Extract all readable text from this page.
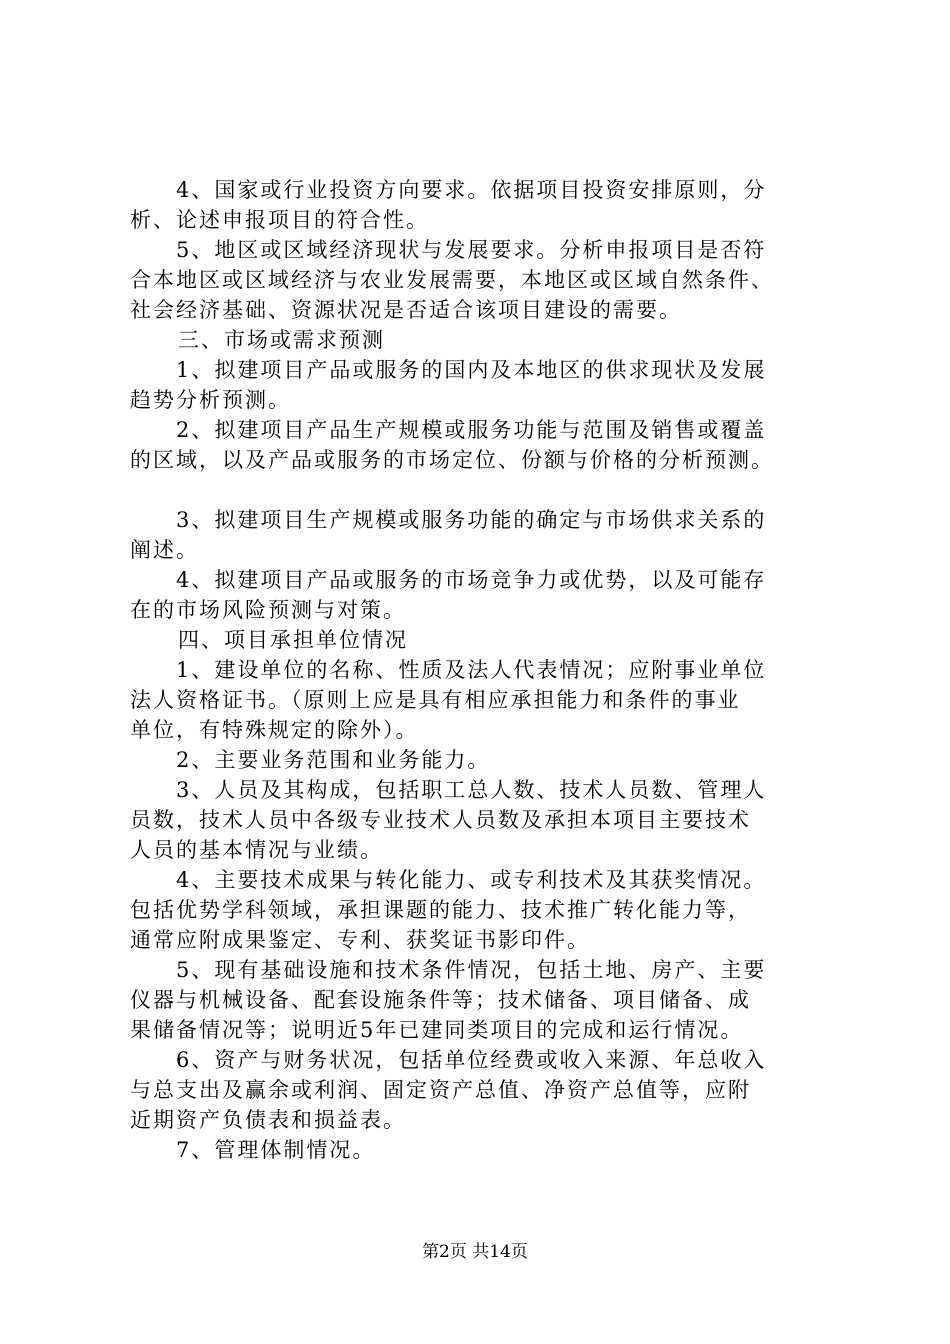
4、国家或行业投资方向要求。依据项目投资安排原则，分
析、论述申报项目的符合性。
5、地区或区域经济现状与发展要求。分析申报项目是否符
合本地区或区域经济与农业发展需要，本地区或区域自然条件、
社会经济基础、资源状况是否适合该项目建设的需要。
三、市场或需求预测
1、拟建项目产品或服务的国内及本地区的供求现状及发展
趋势分析预测。
2、拟建项目产品生产规模或服务功能与范围及销售或覆盖
的区域，以及产品或服务的市场定位、份额与价格的分析预测。
3、拟建项目生产规模或服务功能的确定与市场供求关系的
阐述。
4、拟建项目产品或服务的市场竞争力或优势，以及可能存
在的市场风险预测与对策。
四、项目承担单位情况
1、建设单位的名称、性质及法人代表情况；应附事业单位
法人资格证书。（原则上应是具有相应承担能力和条件的事业
单位，有特殊规定的除外）。
2、主要业务范围和业务能力。
3、人员及其构成，包括职工总人数、技术人员数、管理人
员数，技术人员中各级专业技术人员数及承担本项目主要技术
人员的基本情况与业绩。
4、主要技术成果与转化能力、或专利技术及其获奖情况。
包括优势学科领域，承担课题的能力、技术推广转化能力等，
通常应附成果鉴定、专利、获奖证书影印件。
5、现有基础设施和技术条件情况，包括土地、房产、主要
仪器与机械设备、配套设施条件等；技术储备、项目储备、成
果储备情况等；说明近5年已建同类项目的完成和运行情况。
6、资产与财务状况，包括单位经费或收入来源、年总收入
与总支出及赢余或利润、固定资产总值、净资产总值等，应附
近期资产负债表和损益表。
7、管理体制情况。
第2页 共14页
